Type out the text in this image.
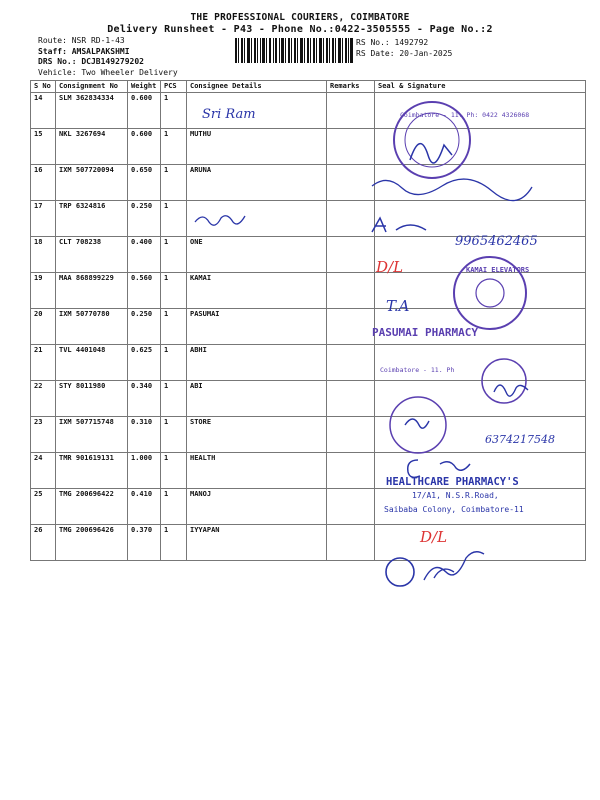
THE PROFESSIONAL COURIERS, COIMBATORE
Delivery Runsheet - P43 - Phone No.:0422-3505555 - Page No.:2
Route: NSR RD-1-43
Staff: AMSALPAKSHMI
DRS No.: DCJB149279202
RS No.: 1492792
RS Date: 20-Jan-2025
Vehicle: Two Wheeler Delivery
S No	Consignment No	Weight	PCS	Consignee Details	Remarks	Seal & Signature
14	SLM 362834334	0.600	1			
15	NKL 3267694	0.600	1	MUTHU		
16	IXM 507720094	0.650	1	ARUNA		
17	TRP 6324816	0.250	1			
18	CLT 708238	0.400	1	ONE		
19	MAA 868899229	0.560	1	KAMAI		
20	IXM 50770780	0.250	1	PASUMAI		
21	TVL 4401048	0.625	1	ABHI		
22	STY 8011980	0.340	1	ABI		
23	IXM 507715748	0.310	1	STORE		
24	TMR 901619131	1.000	1	HEALTH		
25	TMG 200696422	0.410	1	MANOJ		
26	TMG 200696426	0.370	1	IYYAPAN		
Sri Ram	Coimbatore - 11. Ph: 0422 4326068
9965462465
D/L	KAMAI ELEVATORS
T.A
PASUMAI PHARMACY
Coimbatore - 11. Ph
6374217548
HEALTHCARE PHARMACY'S
17/A1, N.S.R.Road,
Saibaba Colony, Coimbatore-11
D/L
